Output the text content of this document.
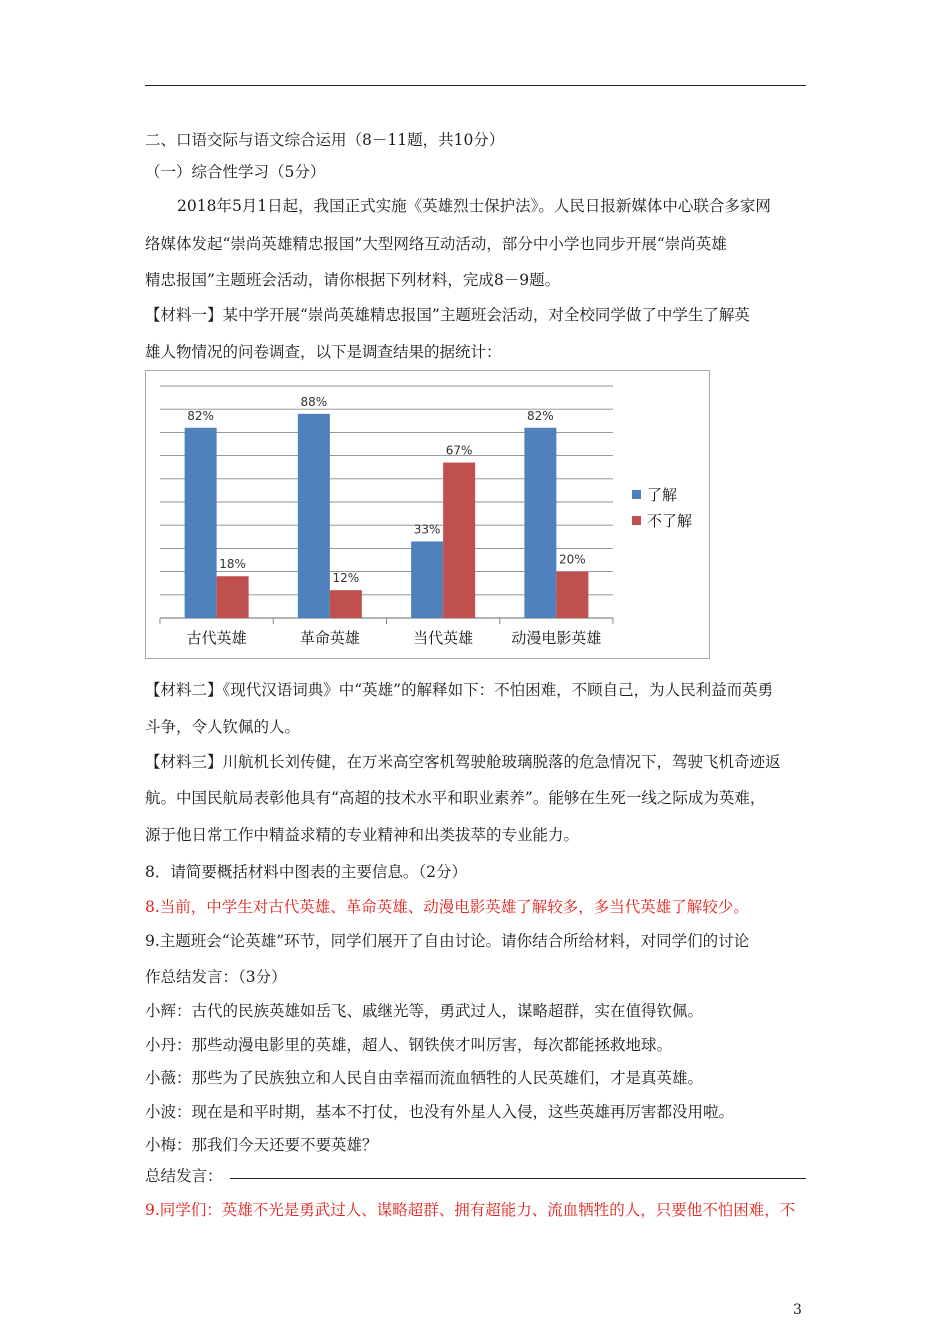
二、口语交际与语文综合运用（8－11题，共10分）
（一）综合性学习（5分）
2018年5月1日起，我国正式实施《英雄烈士保护法》。人民日报新媒体中心联合多家网
络媒体发起“崇尚英雄精忠报国”大型网络互动活动，部分中小学也同步开展“崇尚英雄
精忠报国”主题班会活动，请你根据下列材料，完成8－9题。
【材料一】某中学开展“崇尚英雄精忠报国”主题班会活动，对全校同学做了中学生了解英
雄人物情况的问卷调查，以下是调查结果的据统计：
82%
18%
古代英雄
88%
12%
革命英雄
33%
67%
当代英雄
82%
20%
动漫电影英雄
了解
不了解
【材料二】《现代汉语词典》中“英雄”的解释如下：不怕困难，不顾自己，为人民利益而英勇
斗争，令人钦佩的人。
【材料三】川航机长刘传健，在万米高空客机驾驶舱玻璃脱落的危急情况下，驾驶飞机奇迹返
航。中国民航局表彰他具有“高超的技术水平和职业素养”。能够在生死一线之际成为英难，
源于他日常工作中精益求精的专业精神和出类拔萃的专业能力。
8．请简要概括材料中图表的主要信息。（2分）
8.当前，中学生对古代英雄、革命英雄、动漫电影英雄了解较多，多当代英雄了解较少。
9.主题班会“论英雄”环节，同学们展开了自由讨论。请你结合所给材料，对同学们的讨论
作总结发言：（3分）
小辉：古代的民族英雄如岳飞、戚继光等，勇武过人，谋略超群，实在值得钦佩。
小丹：那些动漫电影里的英雄，超人、钢铁侠才叫厉害，每次都能拯救地球。
小薇：那些为了民族独立和人民自由幸福而流血牺牲的人民英雄们，才是真英雄。
小波：现在是和平时期，基本不打仗，也没有外星人入侵，这些英雄再厉害都没用啦。
小梅：那我们今天还要不要英雄？
总结发言：
9.同学们：英雄不光是勇武过人、谋略超群、拥有超能力、流血牺牲的人，只要他不怕困难，不
3
